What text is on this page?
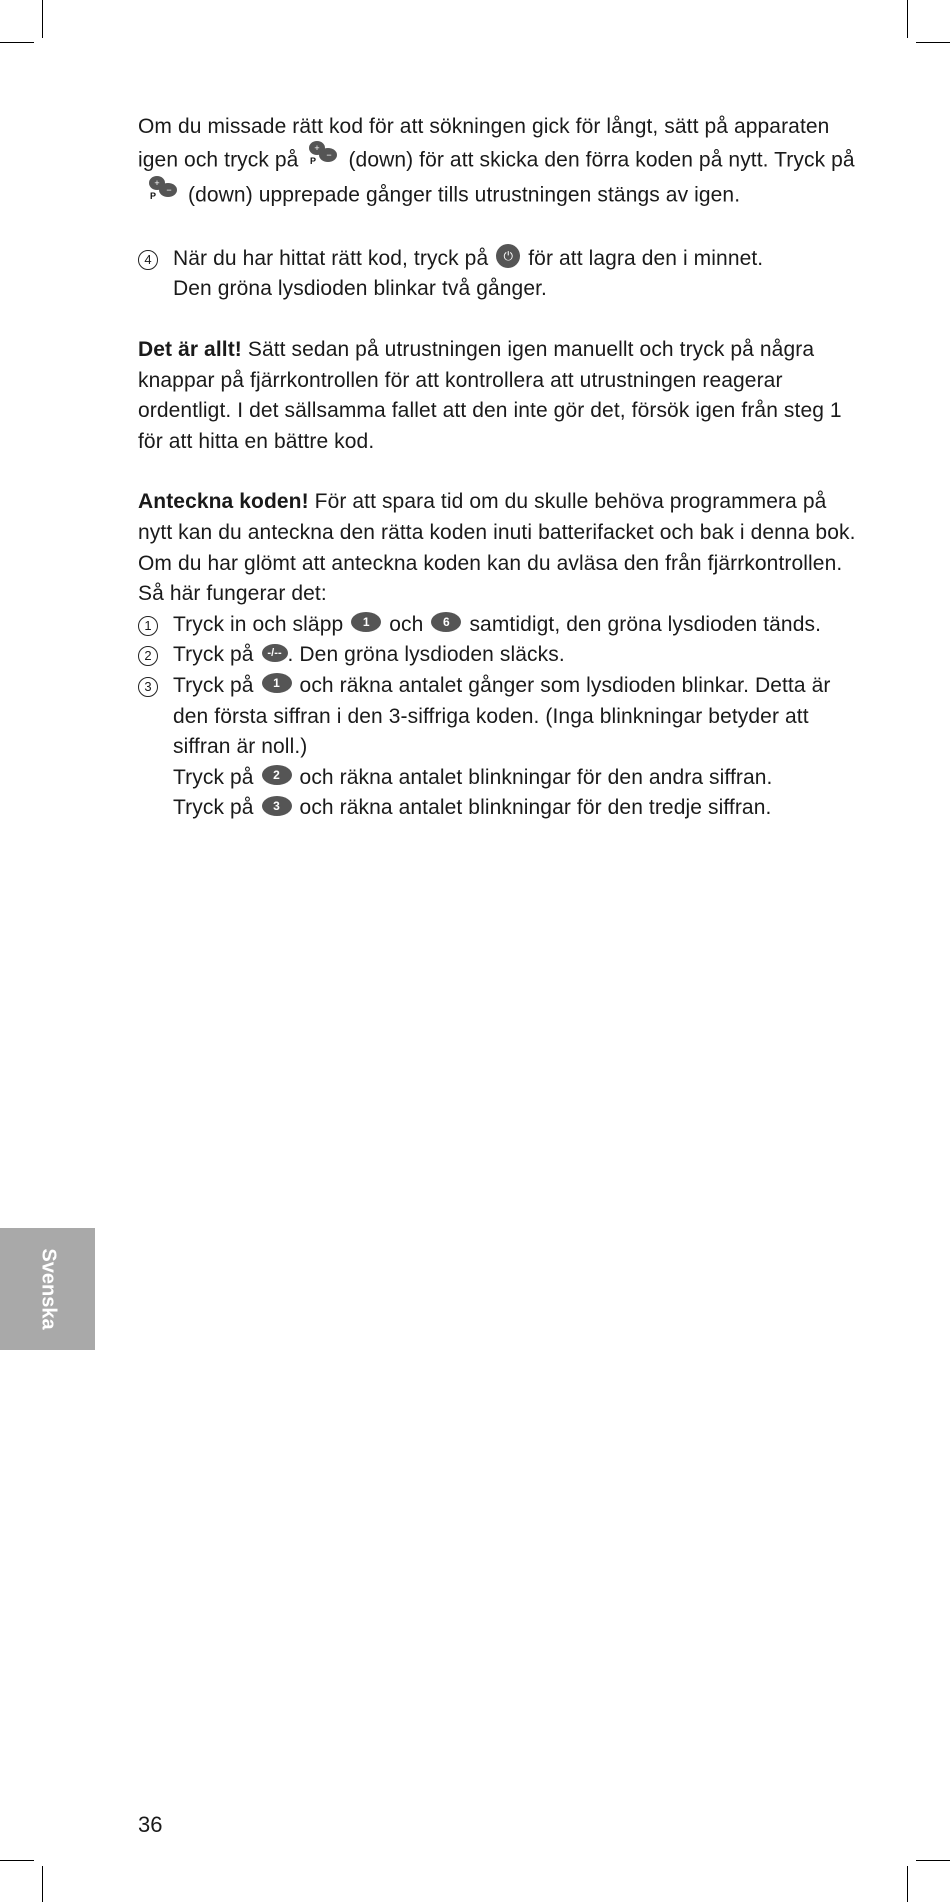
Om du missade rätt kod för att sökningen gick för långt, sätt på apparaten igen och tryck på
+
−
P (down) för att skicka den förra koden på nytt. Tryck på
+
−
P (down) upprepade gånger tills utrustningen stängs av igen.

4	När du har hittat rätt kod, tryck på ⏻ för att lagra den i minnet.

Den gröna lysdioden blinkar två gånger.

Det är allt! Sätt sedan på utrustningen igen manuellt och tryck på några knappar på fjärrkontrollen för att kontrollera att utrustningen reagerar ordentligt. I det sällsamma fallet att den inte gör det, försök igen från steg 1 för att hitta en bättre kod.

Anteckna koden! För att spara tid om du skulle behöva programmera på nytt kan du anteckna den rätta koden inuti batterifacket och bak i denna bok. Om du har glömt att anteckna koden kan du avläsa den från fjärrkontrollen. Så här fungerar det:

1	Tryck in och släpp 1 och 6 samtidigt, den gröna lysdioden tänds.

2	Tryck på -/-- . Den gröna lysdioden släcks.

3	Tryck på 1 och räkna antalet gånger som lysdioden blinkar. Detta är den första siffran i den 3-siffriga koden. (Inga blinkningar betyder att siffran är noll.)

Tryck på 2 och räkna antalet blinkningar för den andra siffran.

Tryck på 3 och räkna antalet blinkningar för den tredje siffran.

Svenska
36
